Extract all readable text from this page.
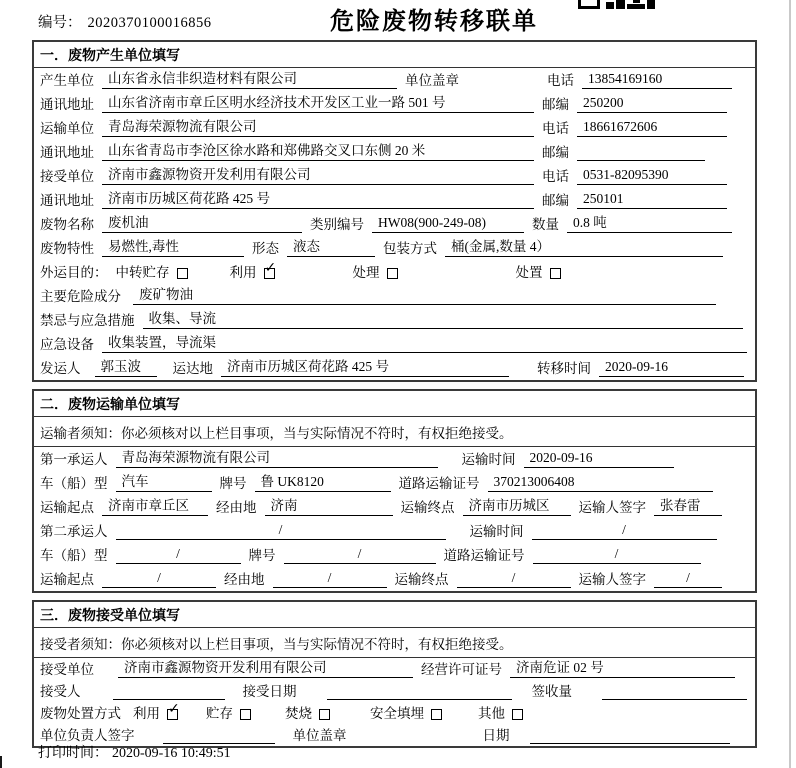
编号： 2020370100016856	危险废物转移联单
一．废物产生单位填写
产生单位	山东省永信非织造材料有限公司	单位盖章	电话	13854169160
通讯地址	山东省济南市章丘区明水经济技术开发区工业一路 501 号	邮编	250200
运输单位	青岛海荣源物流有限公司	电话	18661672606
通讯地址	山东省青岛市李沧区徐水路和郑佛路交叉口东侧 20 米	邮编
接受单位	济南市鑫源物资开发利用有限公司	电话	0531-82095390
通讯地址	济南市历城区荷花路 425 号	邮编	250101
废物名称	废机油	类别编号	HW08(900-249-08)	数量	0.8 吨
废物特性	易燃性,毒性	形态	液态	包装方式	桶(金属,数量 4）
外运目的： 中转贮存	利用 ✓	处理	处置
主要危险成分	废矿物油
禁忌与应急措施	收集、导流
应急设备	收集装置，导流渠
发运人	郭玉波	运达地	济南市历城区荷花路 425 号	转移时间	2020-09-16
二．废物运输单位填写
运输者须知：你必须核对以上栏目事项，当与实际情况不符时，有权拒绝接受。
第一承运人	青岛海荣源物流有限公司	运输时间	2020-09-16
车（船）型	汽车	牌号	鲁 UK8120	道路运输证号	370213006408
运输起点	济南市章丘区	经由地	济南	运输终点	济南市历城区	运输人签字	张春雷
第二承运人	/	运输时间	/
车（船）型	/	牌号	/	道路运输证号	/
运输起点	/	经由地	/	运输终点	/	运输人签字	/
三．废物接受单位填写
接受者须知：你必须核对以上栏目事项，当与实际情况不符时，有权拒绝接受。
接受单位	济南市鑫源物资开发利用有限公司	经营许可证号	济南危证 02 号
接受人	接受日期	签收量
废物处置方式 利用 ✓ 贮存	焚烧	安全填埋	其他
单位负责人签字	单位盖章	日期
打印时间： 2020-09-16 10:49:51
